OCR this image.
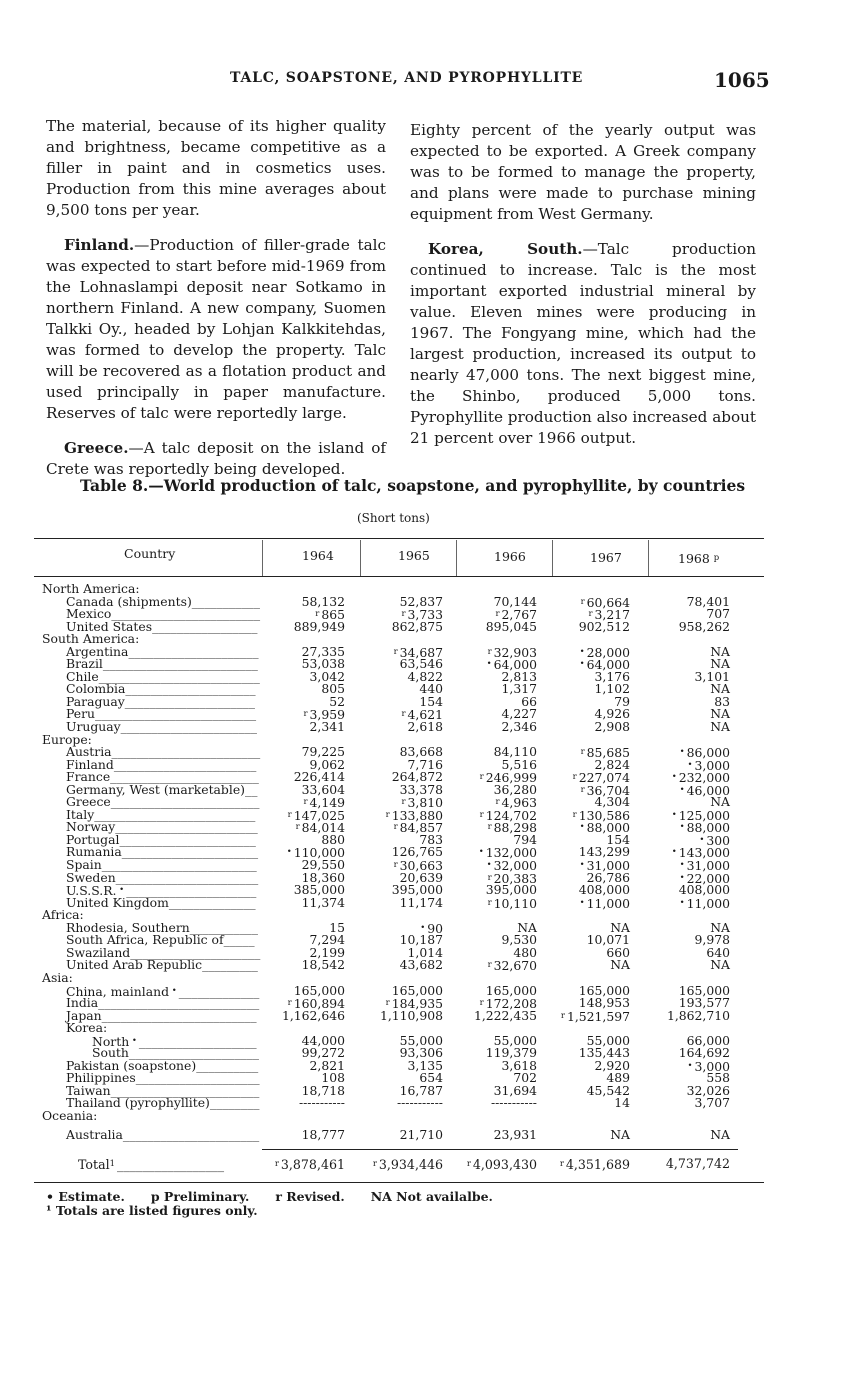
TALC, SOAPSTONE, AND PYROPHYLLITE	1065

The material, because of its higher quality and brightness, became competitive as a filler in paint and in cosmetics uses. Production from this mine averages about 9,500 tons per year.

Finland.—Production of filler-grade talc was expected to start before mid-1969 from the Lohnaslampi deposit near Sotkamo in northern Finland. A new company, Suomen Talkki Oy., headed by Lohjan Kalkkitehdas, was formed to develop the property. Talc will be recovered as a flotation product and used principally in paper manufacture. Reserves of talc were reportedly large.

Greece.—A talc deposit on the island of Crete was reportedly being developed.

Eighty percent of the yearly output was expected to be exported. A Greek company was to be formed to manage the property, and plans were made to purchase mining equipment from West Germany.

Korea, South.—Talc production continued to increase. Talc is the most important exported industrial mineral by value. Eleven mines were producing in 1967. The Fongyang mine, which had the largest production, increased its output to nearly 47,000 tons. The next biggest mine, the Shinbo, produced 5,000 tons. Pyrophyllite production also increased about 21 percent over 1966 output.

Table 8.—World production of talc, soapstone, and pyrophyllite, by countries
(Short tons)
Country	1964	1965	1966	1967	1968 $^p$
North America:
Canada (shipments)___________	58,132	52,837	70,144	$^r$ 60,664	78,401
Mexico________________________	$^r$ 865	$^r$ 3,733	$^r$ 2,767	$^r$ 3,217	707
United States_________________	889,949	862,875	895,045	902,512	958,262
South America:
Argentina_____________________	27,335	$^r$ 34,687	$^r$ 32,903	• 28,000	NA
Brazil_________________________	53,038	63,546	• 64,000	• 64,000	NA
Chile__________________________	3,042	4,822	2,813	3,176	3,101
Colombia_____________________	805	440	1,317	1,102	NA
Paraguay_____________________	52	154	66	79	83
Peru__________________________	$^r$ 3,959	$^r$ 4,621	4,227	4,926	NA
Uruguay______________________	2,341	2,618	2,346	2,908	NA
Europe:
Austria________________________	79,225	83,668	84,110	$^r$ 85,685	• 86,000
Finland_______________________	9,062	7,716	5,516	2,824	• 3,000
France________________________	226,414	264,872	$^r$ 246,999	$^r$ 227,074	• 232,000
Germany, West (marketable)__	33,604	33,378	36,280	$^r$ 36,704	• 46,000
Greece________________________	$^r$ 4,149	$^r$ 3,810	$^r$ 4,963	4,304	NA
Italy__________________________	$^r$ 147,025	$^r$ 133,880	$^r$ 124,702	$^r$ 130,586	• 125,000
Norway_______________________	$^r$ 84,014	$^r$ 84,857	$^r$ 88,298	• 88,000	• 88,000
Portugal______________________	880	783	794	154	• 300
Rumania______________________	• 110,000	126,765	• 132,000	143,299	• 143,000
Spain_________________________	29,550	$^r$ 30,663	• 32,000	• 31,000	• 31,000
Sweden_______________________	18,360	20,639	$^r$ 20,383	26,786	• 22,000
U.S.S.R. • _____________________	385,000	395,000	395,000	408,000	408,000
United Kingdom______________	11,374	11,174	$^r$ 10,110	• 11,000	• 11,000
Africa:
Rhodesia, Southern___________	15	• 90	NA	NA	NA
South Africa, Republic of_____	7,294	10,187	9,530	10,071	9,978
Swaziland_____________________	2,199	1,014	480	660	640
United Arab Republic_________	18,542	43,682	$^r$ 32,670	NA	NA
Asia:
China, mainland • _____________	165,000	165,000	165,000	165,000	165,000
India__________________________	$^r$ 160,894	$^r$ 184,935	$^r$ 172,208	148,953	193,577
Japan_________________________ 1,162,646	1,110,908 1,222,435	$^r$ 1,521,597	1,862,710
Korea:
North • ___________________	44,000	55,000	55,000	55,000	66,000
South_____________________	99,272	93,306	119,379	135,443	164,692
Pakistan (soapstone)__________	2,821	3,135	3,618	2,920	• 3,000
Philippines____________________	108	654	702	489	558
Taiwan________________________	18,718	16,787	31,694	45,542	32,026
Thailand (pyrophyllite)________	-----------	-----------	-----------	14	3,707
Oceania:
Australia______________________	18,777	21,710	23,931	NA	NA
Total$^1$ _________________	$^r$ 3,878,461	$^r$ 3,934,446	$^r$ 4,093,430	$^r$ 4,351,689	4,737,742
• Estimate. p Preliminary. r Revised. NA Not availalbe.
¹ Totals are listed figures only.
